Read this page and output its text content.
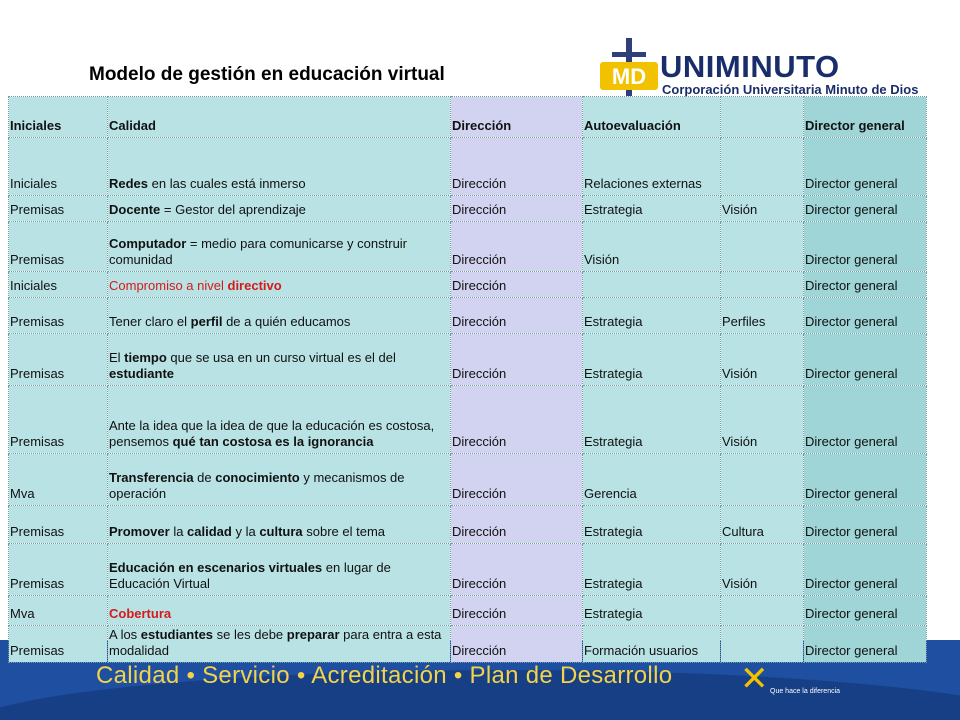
Calidad • Servicio • Acreditación • Plan de Desarrollo ✕ Que hace la diferencia
Modelo de gestión en educación virtual	MD UNIMINUTO
Corporación Universitaria Minuto de Dios
Iniciales	Calidad	Dirección	Autoevaluación		Director general
Iniciales	Redes en las cuales está inmerso	Dirección	Relaciones externas		Director general
Premisas	Docente = Gestor del aprendizaje	Dirección	Estrategia	Visión	Director general
Premisas	Computador = medio para comunicarse y construir comunidad	Dirección	Visión		Director general
Iniciales	Compromiso a nivel directivo	Dirección			Director general
Premisas	Tener claro el perfil de a quién educamos	Dirección	Estrategia	Perfiles	Director general
Premisas	El tiempo que se usa en un curso virtual es el del estudiante	Dirección	Estrategia	Visión	Director general
Premisas	Ante la idea que la idea de que la educación es costosa, pensemos qué tan costosa es la ignorancia	Dirección	Estrategia	Visión	Director general
Mva	Transferencia de conocimiento y mecanismos de operación	Dirección	Gerencia		Director general
Premisas	Promover la calidad y la cultura sobre el tema	Dirección	Estrategia	Cultura	Director general
Premisas	Educación en escenarios virtuales en lugar de Educación Virtual	Dirección	Estrategia	Visión	Director general
Mva	Cobertura	Dirección	Estrategia		Director general
Premisas	A los estudiantes se les debe preparar para entra a esta modalidad	Dirección	Formación usuarios		Director general
